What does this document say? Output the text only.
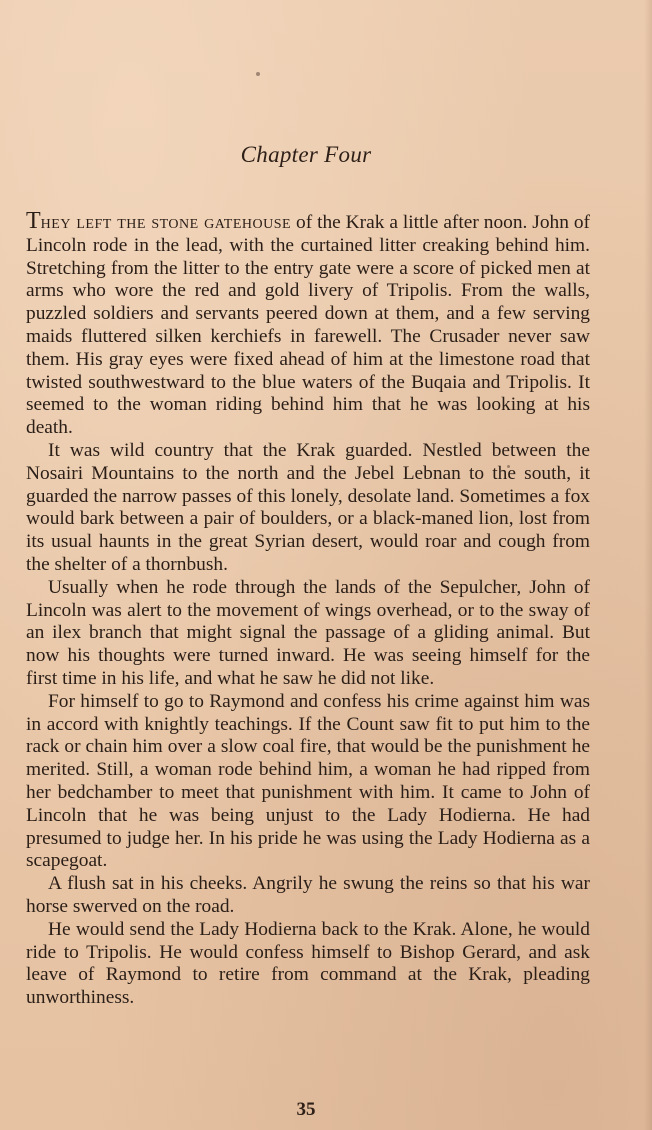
Chapter Four

They left the stone gatehouse of the Krak a little after noon. John of Lincoln rode in the lead, with the curtained litter creaking behind him. Stretching from the litter to the entry gate were a score of picked men at arms who wore the red and gold livery of Tripolis. From the walls, puzzled soldiers and servants peered down at them, and a few serving maids fluttered silken kerchiefs in farewell. The Crusader never saw them. His gray eyes were fixed ahead of him at the limestone road that twisted southwestward to the blue waters of the Buqaia and Tripolis. It seemed to the woman riding behind him that he was looking at his death.

It was wild country that the Krak guarded. Nestled between the Nosairi Mountains to the north and the Jebel Lebnan to the south, it guarded the narrow passes of this lonely, desolate land. Sometimes a fox would bark between a pair of boulders, or a black-maned lion, lost from its usual haunts in the great Syrian desert, would roar and cough from the shelter of a thornbush.

Usually when he rode through the lands of the Sepulcher, John of Lincoln was alert to the movement of wings overhead, or to the sway of an ilex branch that might signal the passage of a gliding animal. But now his thoughts were turned inward. He was seeing himself for the first time in his life, and what he saw he did not like.

For himself to go to Raymond and confess his crime against him was in accord with knightly teachings. If the Count saw fit to put him to the rack or chain him over a slow coal fire, that would be the punishment he merited. Still, a woman rode behind him, a woman he had ripped from her bedchamber to meet that punishment with him. It came to John of Lincoln that he was being unjust to the Lady Hodierna. He had presumed to judge her. In his pride he was using the Lady Hodierna as a scapegoat.

A flush sat in his cheeks. Angrily he swung the reins so that his war horse swerved on the road.

He would send the Lady Hodierna back to the Krak. Alone, he would ride to Tripolis. He would confess himself to Bishop Gerard, and ask leave of Raymond to retire from command at the Krak, pleading unworthiness.

35
